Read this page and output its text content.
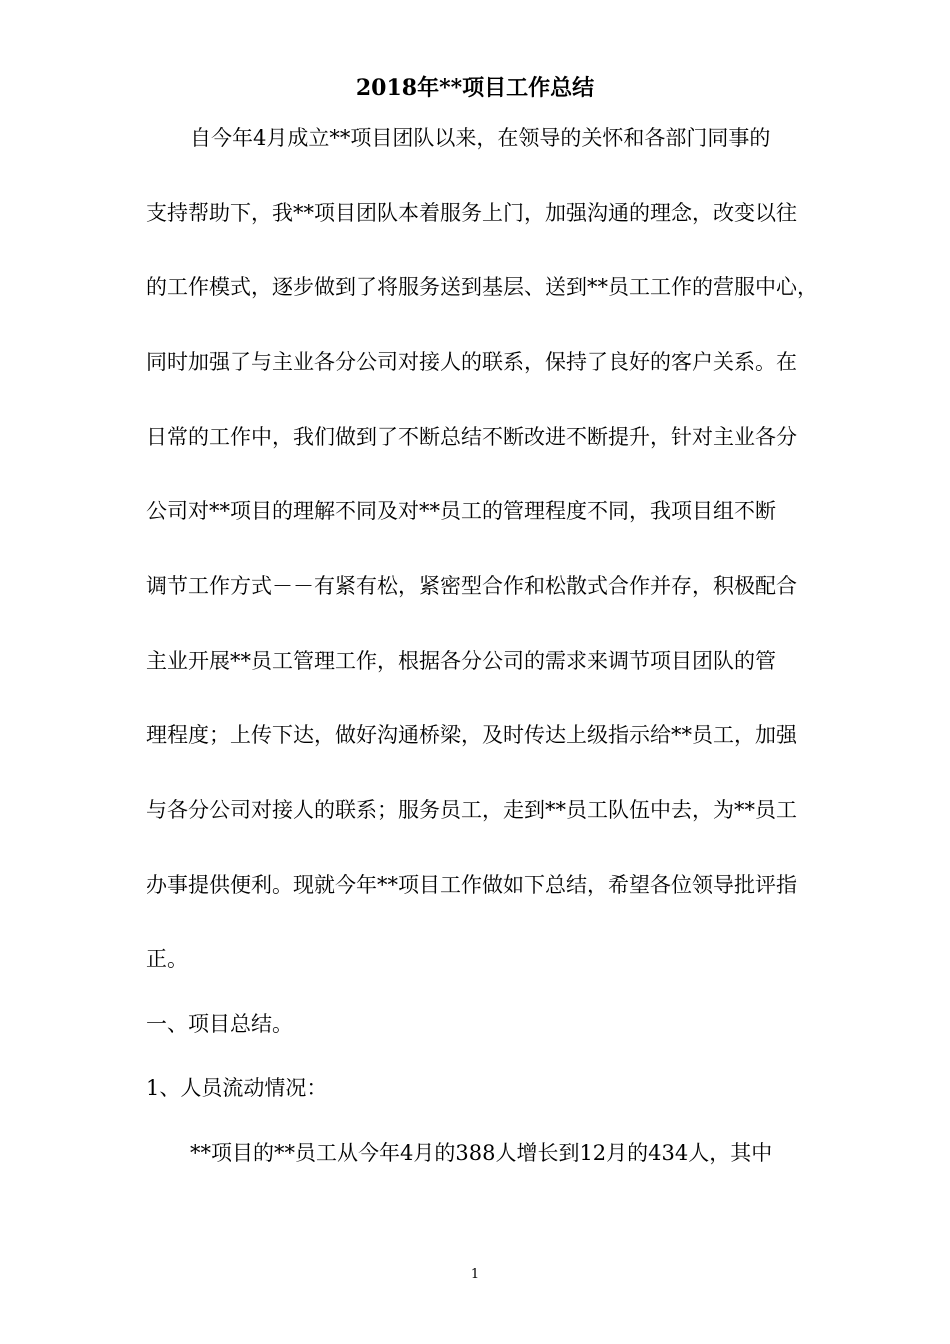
2018年**项目工作总结
自今年4月成立**项目团队以来，在领导的关怀和各部门同事的
支持帮助下，我**项目团队本着服务上门，加强沟通的理念，改变以往
的工作模式，逐步做到了将服务送到基层、送到**员工工作的营服中心，
同时加强了与主业各分公司对接人的联系，保持了良好的客户关系。在
日常的工作中，我们做到了不断总结不断改进不断提升，针对主业各分
公司对**项目的理解不同及对**员工的管理程度不同，我项目组不断
调节工作方式－－有紧有松，紧密型合作和松散式合作并存，积极配合
主业开展**员工管理工作，根据各分公司的需求来调节项目团队的管
理程度；上传下达，做好沟通桥梁，及时传达上级指示给**员工，加强
与各分公司对接人的联系；服务员工，走到**员工队伍中去，为**员工
办事提供便利。现就今年**项目工作做如下总结，希望各位领导批评指
正。
一、项目总结。
1、人员流动情况：
**项目的**员工从今年4月的388人增长到12月的434人，其中
1
